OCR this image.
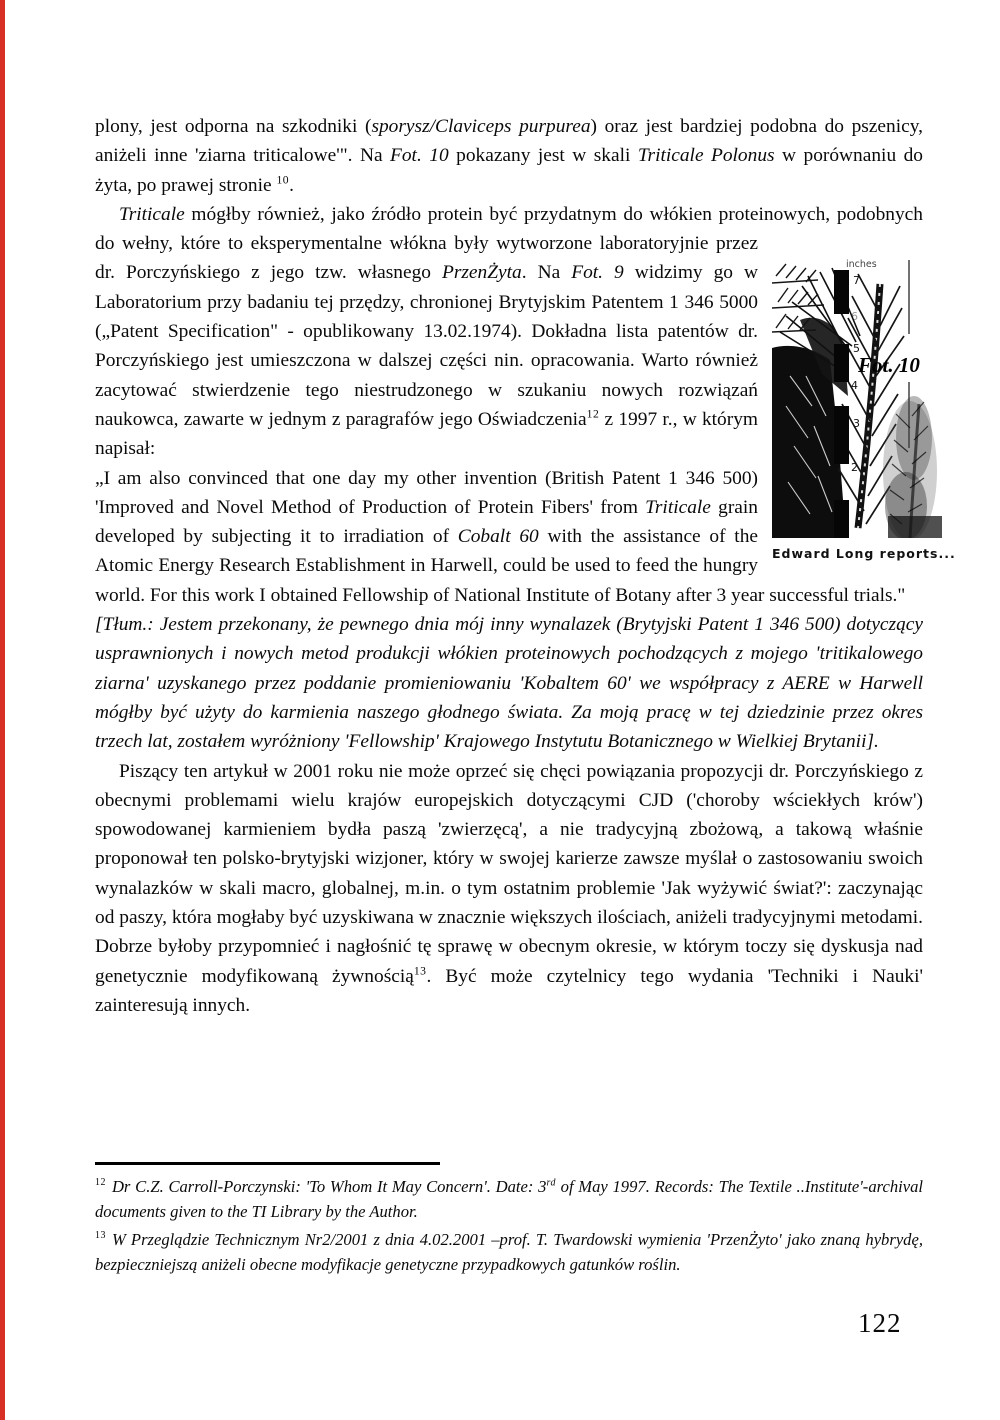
plony, jest odporna na szkodniki (sporysz/Claviceps purpurea) oraz jest bardziej podobna do pszenicy, aniżeli inne 'ziarna triticalowe'". Na Fot. 10 pokazany jest w skali Triticale Polonus w porównaniu do żyta, po prawej stronie $^{10}$.

Triticale mógłby również, jako źródło protein być przydatnym do włókien proteinowych, podobnych do wełny, które to eksperymentalne włókna były wytworzone laboratoryjnie przez dr. Porczyńskiego z jego tzw. własnego PrzenŻyta. Na Fot. 9 widzimy go w Laboratorium przy badaniu tej przędzy, chronionej Brytyjskim Patentem 1 346 5000 („Patent Specification" - opublikowany 13.02.1974). Dokładna lista patentów dr. Porczyńskiego jest umieszczona w dalszej części nin. opracowania. Warto również zacytować stwierdzenie tego niestrudzonego w szukaniu nowych rozwiązań naukowca, zawarte w jednym z paragrafów jego Oświadczenia$^{12}$ z 1997 r., w którym napisał:

„I am also convinced that one day my other invention (British Patent 1 346 500) 'Improved and Novel Method of Production of Protein Fibers' from Triticale grain developed by subjecting it to irradiation of Cobalt 60 with the assistance of the Atomic Energy Research Establishment in Harwell, could be used to feed the hungry world. For this work I obtained Fellowship of National Institute of Botany after 3 year successful trials."

[Tłum.: Jestem przekonany, że pewnego dnia mój inny wynalazek (Brytyjski Patent 1 346 500) dotyczący usprawnionych i nowych metod produkcji włókien proteinowych pochodzących z mojego 'tritikalowego ziarna' uzyskanego przez poddanie promieniowaniu 'Kobaltem 60' we współpracy z AERE w Harwell mógłby być użyty do karmienia naszego głodnego świata. Za moją pracę w tej dziedzinie przez okres trzech lat, zostałem wyróżniony 'Fellowship' Krajowego Instytutu Botanicznego w Wielkiej Brytanii].

Piszący ten artykuł w 2001 roku nie może oprzeć się chęci powiązania propozycji dr. Porczyńskiego z obecnymi problemami wielu krajów europejskich dotyczącymi CJD ('choroby wściekłych krów') spowodowanej karmieniem bydła paszą 'zwierzęcą', a nie tradycyjną zbożową, a takową właśnie proponował ten polsko-brytyjski wizjoner, który w swojej karierze zawsze myślał o zastosowaniu swoich wynalazków w skali macro, globalnej, m.in. o tym ostatnim problemie 'Jak wyżywić świat?': zaczynając od paszy, która mogłaby być uzyskiwana w znacznie większych ilościach, aniżeli tradycyjnymi metodami. Dobrze byłoby przypomnieć i nagłośnić tę sprawę w obecnym okresie, w którym toczy się dyskusja nad genetycznie modyfikowaną żywnością$^{13}$. Być może czytelnicy tego wydania 'Techniki i Nauki' zainteresują innych.

7
6
5
4
3
2
inches
Fot. 10
Edward Long reports...

$^{12}$ Dr C.Z. Carroll-Porczynski: 'To Whom It May Concern'. Date: 3rd of May 1997. Records: The Textile ..Institute'-archival documents given to the TI Library by the Author.

$^{13}$ W Przeglądzie Technicznym Nr2/2001 z dnia 4.02.2001 –prof. T. Twardowski wymienia 'PrzenŻyto' jako znaną hybrydę, bezpieczniejszą aniżeli obecne modyfikacje genetyczne przypadkowych gatunków roślin.

122
